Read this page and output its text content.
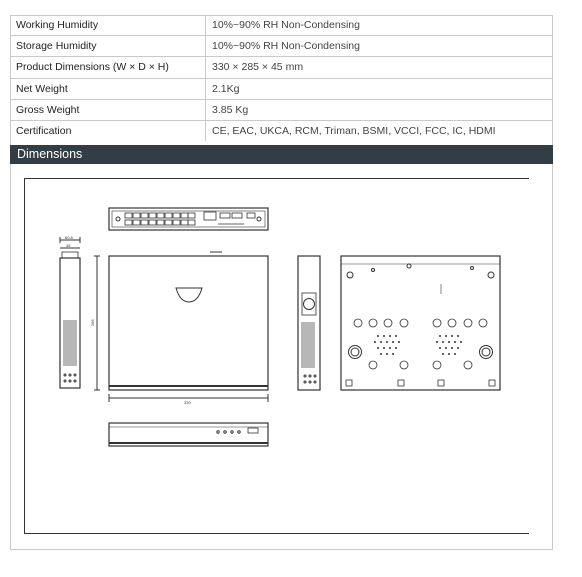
Working Humidity	10%~90% RH Non-Condensing
Storage Humidity	10%~90% RH Non-Condensing
Product Dimensions (W × D × H)	330 × 285 × 45 mm
Net Weight	2.1Kg
Gross Weight	3.85 Kg
Certification	CE, EAC, UKCA, RCM, Triman, BSMI, VCCI, FCC, IC, HDMI
Dimensions
60.8
45
285
330
